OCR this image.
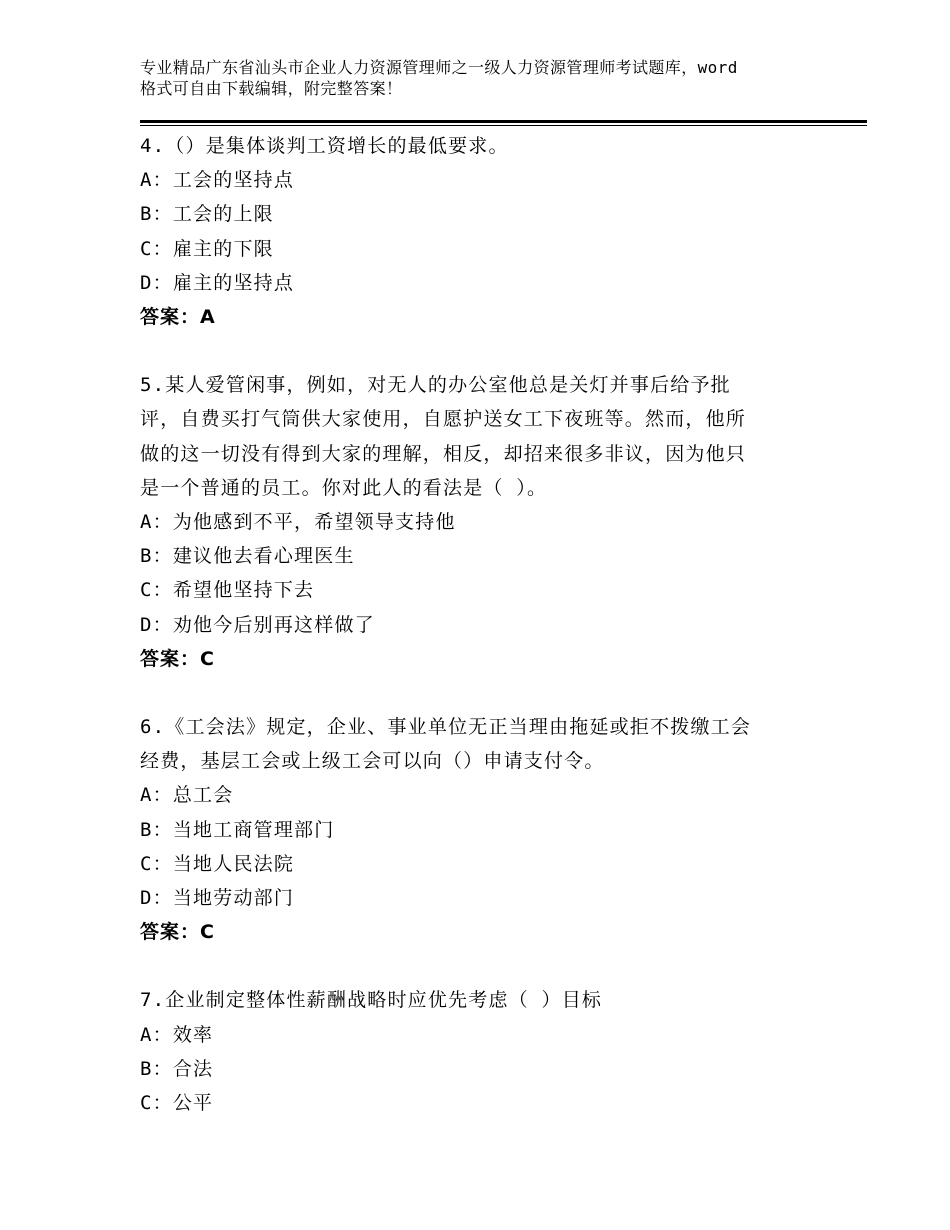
专业精品广东省汕头市企业人力资源管理师之一级人力资源管理师考试题库，word
格式可自由下载编辑，附完整答案！
4.（）是集体谈判工资增长的最低要求。
A：工会的坚持点
B：工会的上限
C：雇主的下限
D：雇主的坚持点
答案：A
5.某人爱管闲事，例如，对无人的办公室他总是关灯并事后给予批
评，自费买打气筒供大家使用，自愿护送女工下夜班等。然而，他所
做的这一切没有得到大家的理解，相反，却招来很多非议，因为他只
是一个普通的员工。你对此人的看法是（ ）。
A：为他感到不平，希望领导支持他
B：建议他去看心理医生
C：希望他坚持下去
D：劝他今后别再这样做了
答案：C
6.《工会法》规定，企业、事业单位无正当理由拖延或拒不拨缴工会
经费，基层工会或上级工会可以向（）申请支付令。
A：总工会
B：当地工商管理部门
C：当地人民法院
D：当地劳动部门
答案：C
7.企业制定整体性薪酬战略时应优先考虑（ ）目标
A：效率
B：合法
C：公平
